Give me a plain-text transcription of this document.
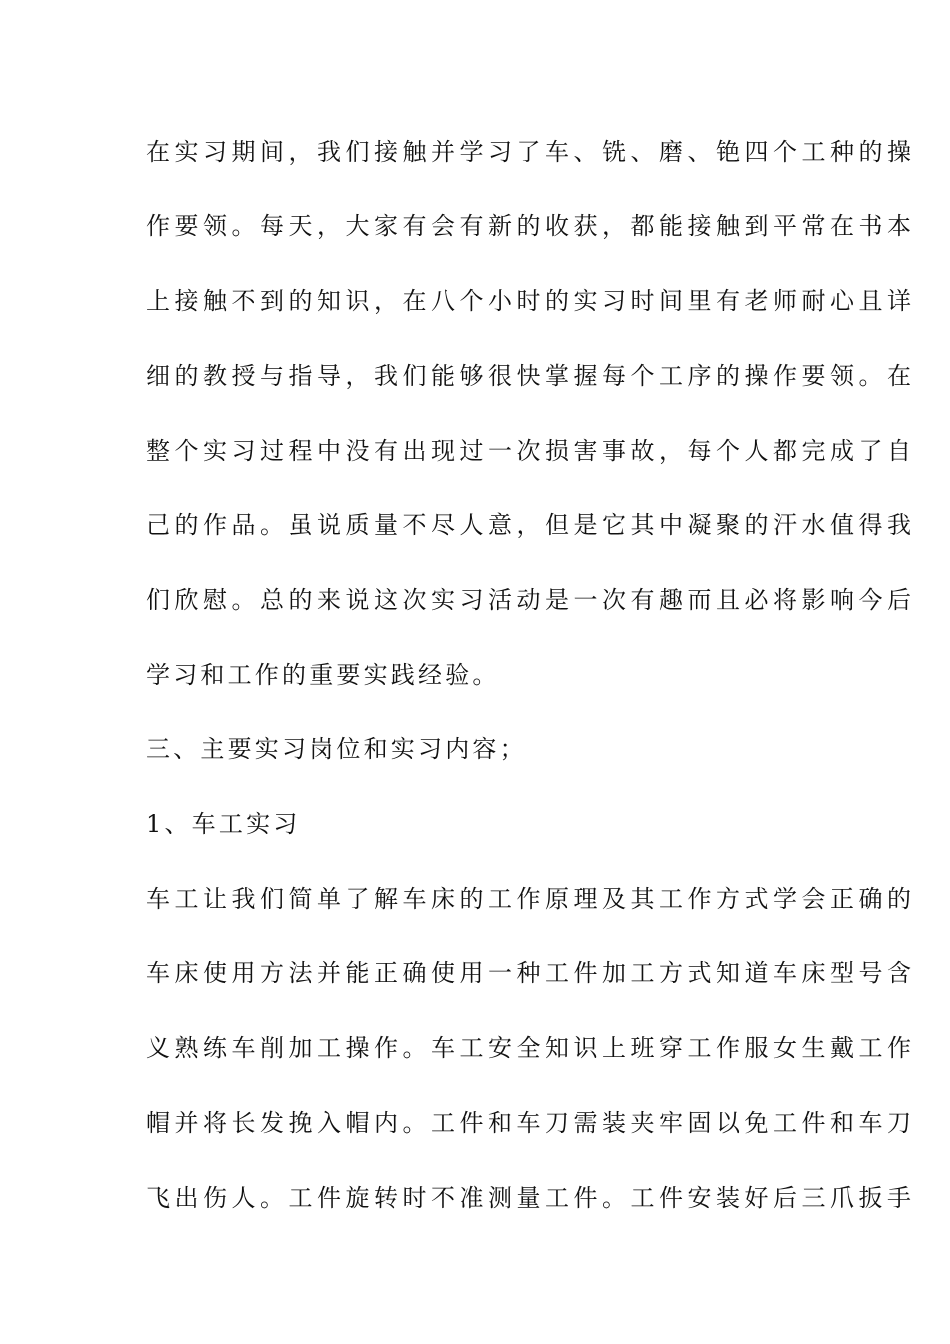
在实习期间，我们接触并学习了车、铣、磨、铯四个工种的操
作要领。每天，大家有会有新的收获，都能接触到平常在书本
上接触不到的知识，在八个小时的实习时间里有老师耐心且详
细的教授与指导，我们能够很快掌握每个工序的操作要领。在
整个实习过程中没有出现过一次损害事故，每个人都完成了自
己的作品。虽说质量不尽人意，但是它其中凝聚的汗水值得我
们欣慰。总的来说这次实习活动是一次有趣而且必将影响今后
学习和工作的重要实践经验。
三、主要实习岗位和实习内容；
1、车工实习
车工让我们简单了解车床的工作原理及其工作方式学会正确的
车床使用方法并能正确使用一种工件加工方式知道车床型号含
义熟练车削加工操作。车工安全知识上班穿工作服女生戴工作
帽并将长发挽入帽内。工件和车刀需装夹牢固以免工件和车刀
飞出伤人。工件旋转时不准测量工件。工件安装好后三爪扳手
